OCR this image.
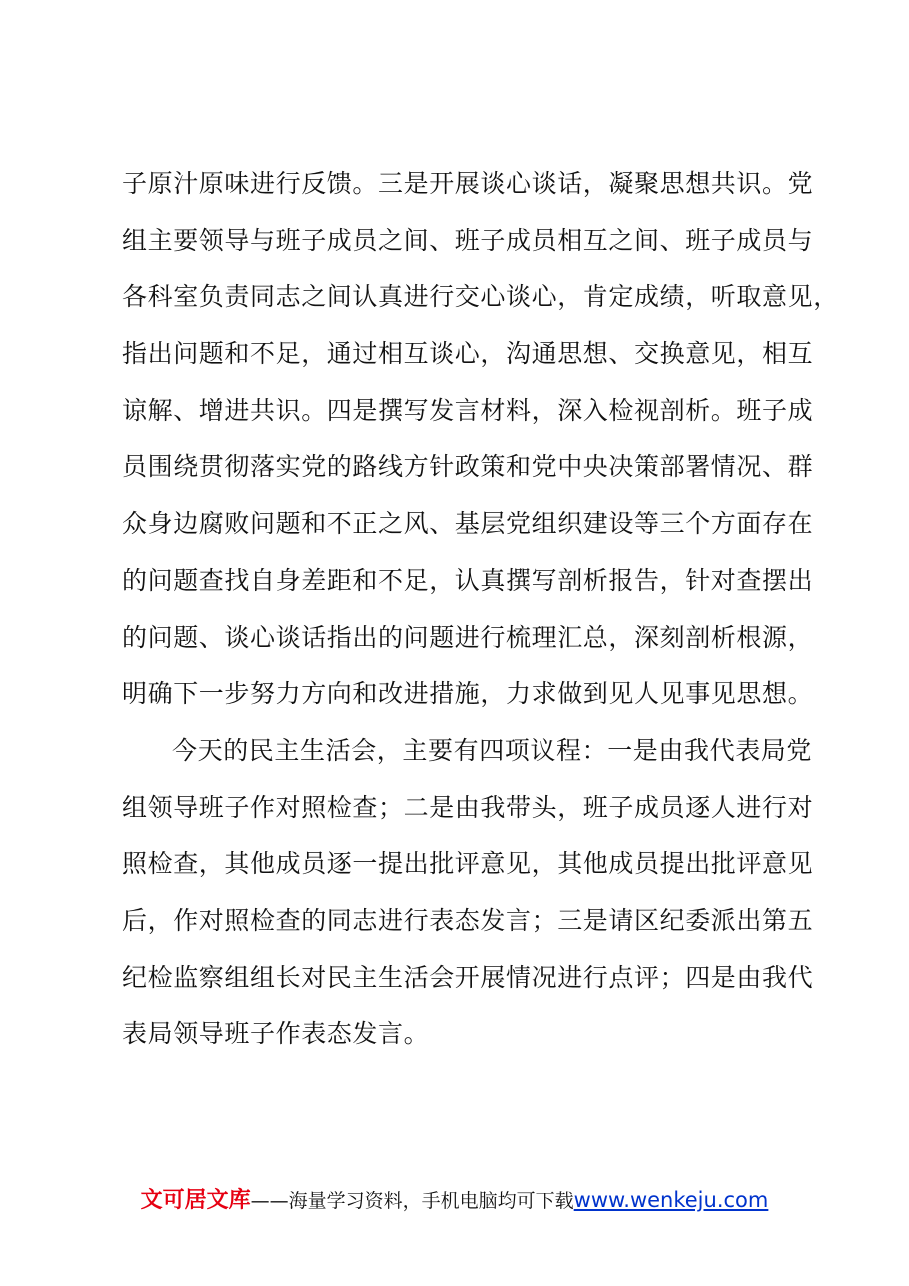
子原汁原味进行反馈。三是开展谈心谈话，凝聚思想共识。党
组主要领导与班子成员之间、班子成员相互之间、班子成员与
各科室负责同志之间认真进行交心谈心，肯定成绩，听取意见，
指出问题和不足，通过相互谈心，沟通思想、交换意见，相互
谅解、增进共识。四是撰写发言材料，深入检视剖析。班子成
员围绕贯彻落实党的路线方针政策和党中央决策部署情况、群
众身边腐败问题和不正之风、基层党组织建设等三个方面存在
的问题查找自身差距和不足，认真撰写剖析报告，针对查摆出
的问题、谈心谈话指出的问题进行梳理汇总，深刻剖析根源，
明确下一步努力方向和改进措施，力求做到见人见事见思想。
今天的民主生活会，主要有四项议程：一是由我代表局党
组领导班子作对照检查；二是由我带头，班子成员逐人进行对
照检查，其他成员逐一提出批评意见，其他成员提出批评意见
后，作对照检查的同志进行表态发言；三是请区纪委派出第五
纪检监察组组长对民主生活会开展情况进行点评；四是由我代
表局领导班子作表态发言。
文可居文库——海量学习资料，手机电脑均可下载www.wenkeju.com
